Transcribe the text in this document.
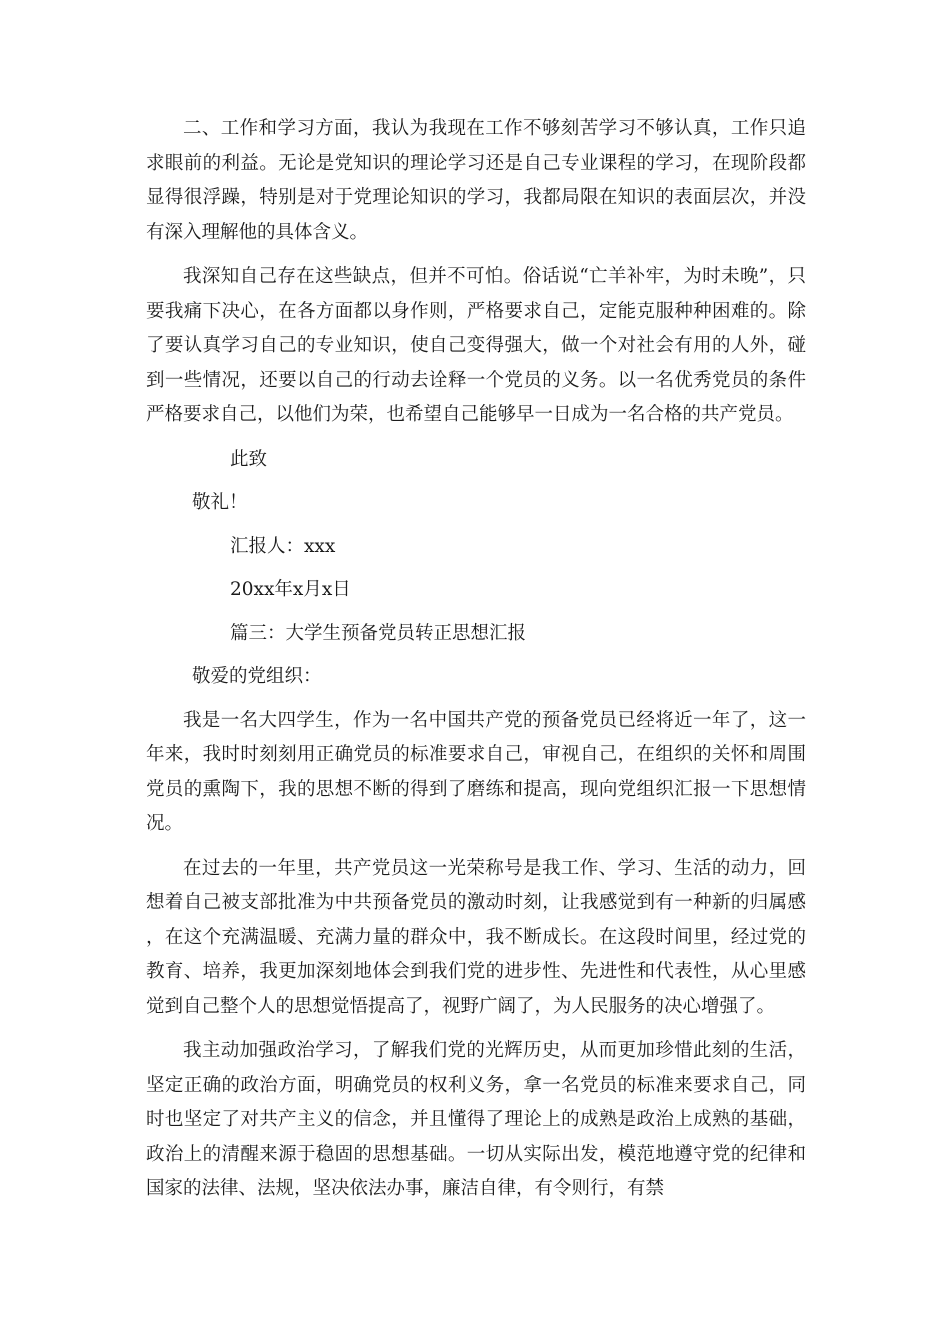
二、工作和学习方面，我认为我现在工作不够刻苦学习不够认真，工作只追求眼前的利益。无论是党知识的理论学习还是自己专业课程的学习，在现阶段都显得很浮躁，特别是对于党理论知识的学习，我都局限在知识的表面层次，并没有深入理解他的具体含义。

我深知自己存在这些缺点，但并不可怕。俗话说“亡羊补牢，为时未晚”，只要我痛下决心，在各方面都以身作则，严格要求自己，定能克服种种困难的。除了要认真学习自己的专业知识，使自己变得强大，做一个对社会有用的人外，碰到一些情况，还要以自己的行动去诠释一个党员的义务。以一名优秀党员的条件严格要求自己，以他们为荣，也希望自己能够早一日成为一名合格的共产党员。

此致

敬礼！

汇报人：xxx

20xx年x月x日

篇三：大学生预备党员转正思想汇报

敬爱的党组织：

我是一名大四学生，作为一名中国共产党的预备党员已经将近一年了，这一年来，我时时刻刻用正确党员的标准要求自己，审视自己，在组织的关怀和周围党员的熏陶下，我的思想不断的得到了磨练和提高，现向党组织汇报一下思想情况。

在过去的一年里，共产党员这一光荣称号是我工作、学习、生活的动力，回想着自己被支部批准为中共预备党员的激动时刻，让我感觉到有一种新的归属感，在这个充满温暖、充满力量的群众中，我不断成长。在这段时间里，经过党的教育、培养，我更加深刻地体会到我们党的进步性、先进性和代表性，从心里感觉到自己整个人的思想觉悟提高了，视野广阔了，为人民服务的决心增强了。

我主动加强政治学习，了解我们党的光辉历史，从而更加珍惜此刻的生活，坚定正确的政治方面，明确党员的权利义务，拿一名党员的标准来要求自己，同时也坚定了对共产主义的信念，并且懂得了理论上的成熟是政治上成熟的基础，政治上的清醒来源于稳固的思想基础。一切从实际出发，模范地遵守党的纪律和国家的法律、法规，坚决依法办事，廉洁自律，有令则行，有禁
